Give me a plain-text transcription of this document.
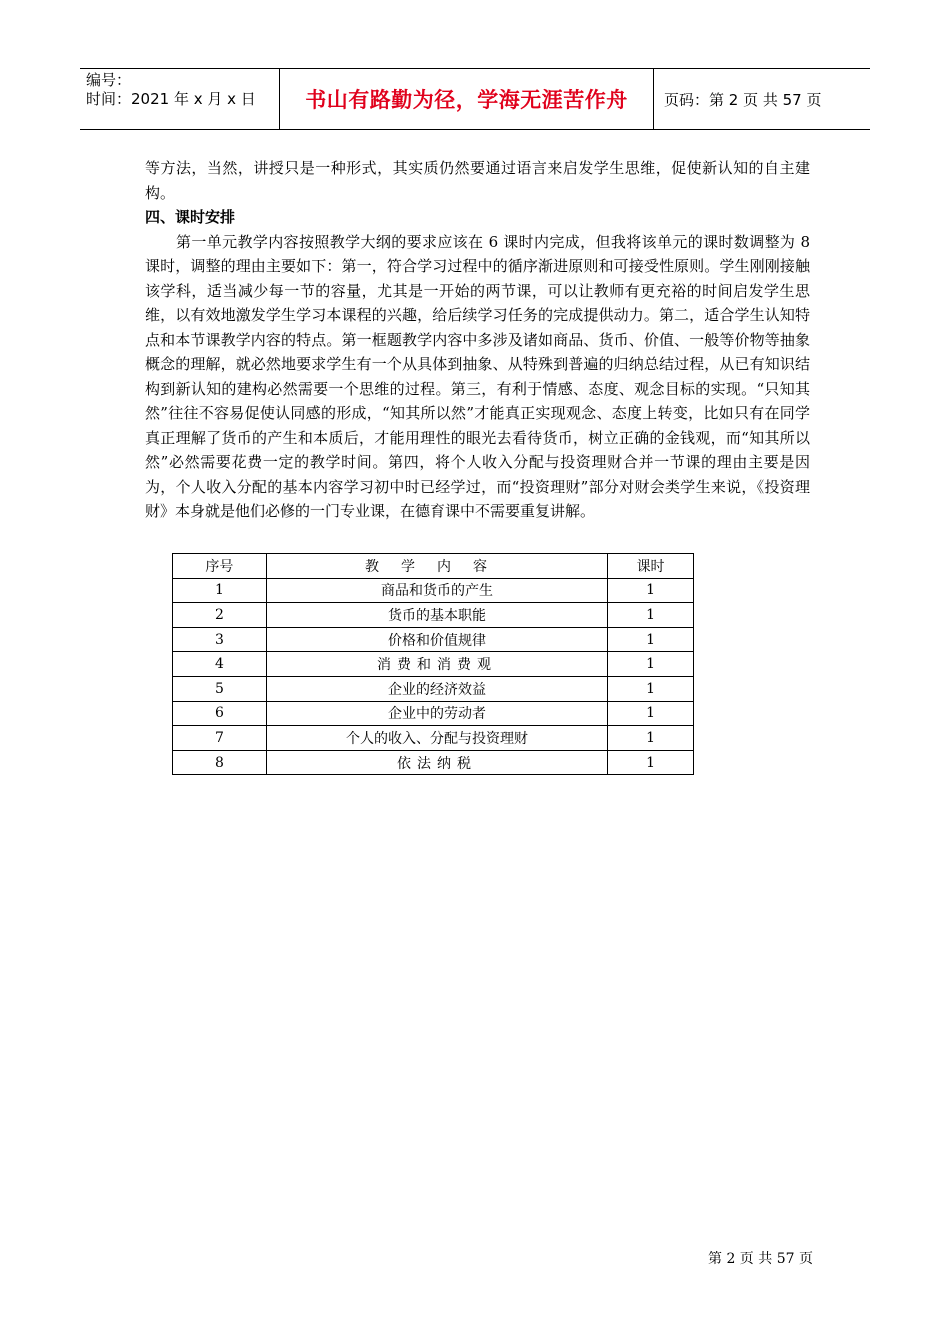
编号：
时间：2021 年 x 月 x 日	书山有路勤为径，学海无涯苦作舟	页码：第 2 页 共 57 页

等方法，当然，讲授只是一种形式，其实质仍然要通过语言来启发学生思维，促使新认知的自主建构。

四、课时安排

第一单元教学内容按照教学大纲的要求应该在 6 课时内完成，但我将该单元的课时数调整为 8 课时，调整的理由主要如下：第一，符合学习过程中的循序渐进原则和可接受性原则。学生刚刚接触该学科，适当减少每一节的容量，尤其是一开始的两节课，可以让教师有更充裕的时间启发学生思维，以有效地激发学生学习本课程的兴趣，给后续学习任务的完成提供动力。第二，适合学生认知特点和本节课教学内容的特点。第一框题教学内容中多涉及诸如商品、货币、价值、一般等价物等抽象概念的理解，就必然地要求学生有一个从具体到抽象、从特殊到普遍的归纳总结过程，从已有知识结构到新认知的建构必然需要一个思维的过程。第三，有利于情感、态度、观念目标的实现。“只知其然”往往不容易促使认同感的形成，“知其所以然”才能真正实现观念、态度上转变，比如只有在同学真正理解了货币的产生和本质后，才能用理性的眼光去看待货币，树立正确的金钱观，而“知其所以然”必然需要花费一定的教学时间。第四，将个人收入分配与投资理财合并一节课的理由主要是因为，个人收入分配的基本内容学习初中时已经学过，而“投资理财”部分对财会类学生来说，《投资理财》本身就是他们必修的一门专业课，在德育课中不需要重复讲解。

序号	教学内容	课时
1	商品和货币的产生	1
2	货币的基本职能	1
3	价格和价值规律	1
4	消费和消费观	1
5	企业的经济效益	1
6	企业中的劳动者	1
7	个人的收入、分配与投资理财	1
8	依法纳税	1
第 2 页 共 57 页
